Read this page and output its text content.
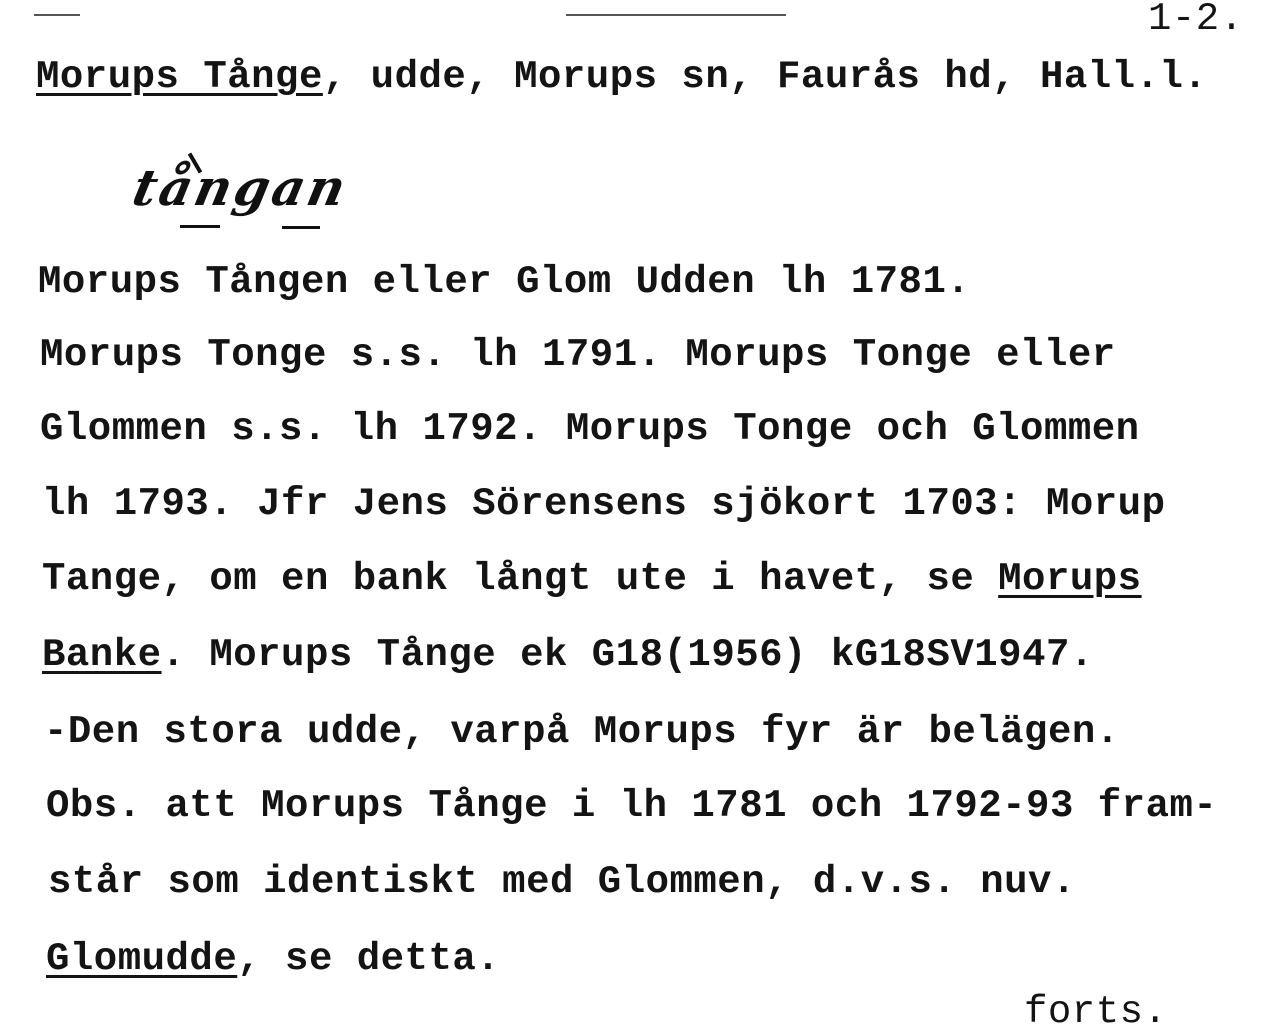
1-2.
Morups Tånge, udde, Morups sn, Faurås hd, Hall.l.
tångan
Morups Tången eller Glom Udden lh 1781.
Morups Tonge s.s. lh 1791. Morups Tonge eller
Glommen s.s. lh 1792. Morups Tonge och Glommen
lh 1793. Jfr Jens Sörensens sjökort 1703: Morup
Tange, om en bank långt ute i havet, se Morups
Banke. Morups Tånge ek G18(1956) kG18SV1947.
-Den stora udde, varpå Morups fyr är belägen.
Obs. att Morups Tånge i lh 1781 och 1792-93 fram-
står som identiskt med Glommen, d.v.s. nuv.
Glomudde, se detta.
forts.
